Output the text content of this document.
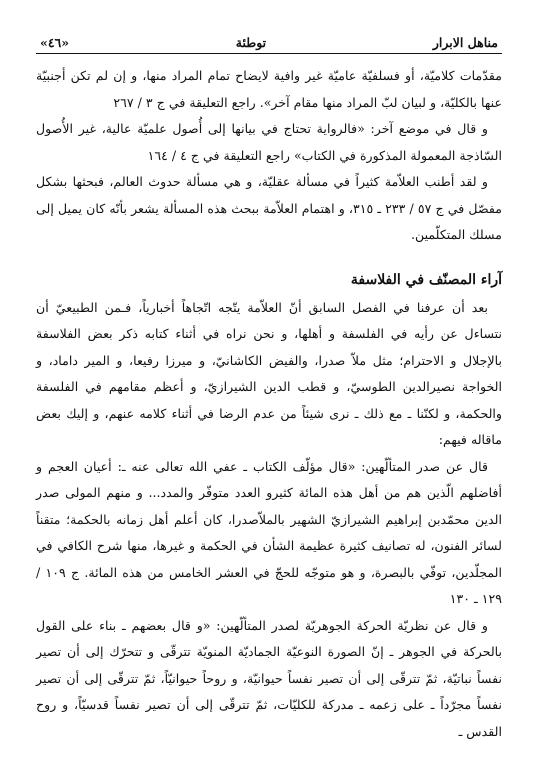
مناهل الابرار
توطئة
«٤٦»

مقدّمات كلاميّة، أو فسلفيّة عاميّة غير وافية لايضاح تمام المراد منها، و إن لم تكن أجنبيّة عنها بالكليّة، و لبيان لبّ المراد منها مقام آخر». راجع التعليقة في ج ٣ / ٢٦٧

و قال في موضع آخر: «فالرواية تحتاج في بيانها إلى أُصول علميّة عالية، غير الأُصول السّاذجة المعمولة المذكورة في الكتاب» راجع التعليقة في ج ٤ / ١٦٤

و لقد أطنب العلاّمة كثيراً في مسألة عقليّة، و هي مسألة حدوث العالم، فبحثها بشكل مفصّل في ج ٥٧ / ٢٣٣ ـ ٣١٥، و اهتمام العلاّمة ببحث هذه المسألة يشعر بأنّه كان يميل إلى مسلك المتكلّمين.

آراء المصنّف في الفلاسفة

بعد أن عرفنا في الفصل السابق أنّ العلاّمة يتّجه اتّجاهاً أخبارياً، فـمن الطبيعيّ أن نتساءل عن رأيه في الفلسفة و أهلها، و نحن نراه في أثناء كتابه ذكر بعض الفلاسفة بالإجلال و الاحترام؛ مثل ملاّ صدرا، والفيض الكاشانيّ، و ميرزا رفيعا، و المير داماد، و الخواجة نصيرالدين الطوسيّ، و قطب الدين الشيرازيّ، و أعظم مقامهم في الفلسفة والحكمة، و لكنّنا ـ مع ذلك ـ نرى شيئاً من عدم الرضا في أثناء كلامه عنهم، و إليك بعض ماقاله فيهم:

قال عن صدر المتألّهين: «قال مؤلّف الكتاب ـ عفي الله تعالى عنه ـ: أعيان العجم و أفاضلهم الّذين هم من أهل هذه المائة كثيرو العدد متوفّر والمدد... و منهم المولى صدر الدين محمّدبن إبراهيم الشيرازيّ الشهير بالملاّصدرا، كان أعلم أهل زمانه بالحكمة؛ متقناً لسائر الفنون، له تصانيف كثيرة عظيمة الشأن في الحكمة و غيرها، منها شرح الكافي في المجلّدين، توفّي بالبصرة، و هو متوجّه للحجّ في العشر الخامس من هذه المائة. ج ١٠٩ / ١٢٩ ـ ١٣٠

و قال عن نظريّة الحركة الجوهريّة لصدر المتألّهين: «و قال بعضهم ـ بناء على القول بالحركة في الجوهر ـ إنّ الصورة النوعيّة الجماديّة المنويّة تترقّى و تتحرّك إلى أن تصير نفساً نباتيّة، ثمّ تترقّى إلى أن تصير نفساً حيوانيّة، و روحاً حيوانيّاً، ثمّ تترقّى إلى أن تصير نفساً مجرّداً ـ على زعمه ـ مدركة للكليّات، ثمّ تترقّى إلى أن تصير نفساً قدسيّاً، و روح القدس ـ
